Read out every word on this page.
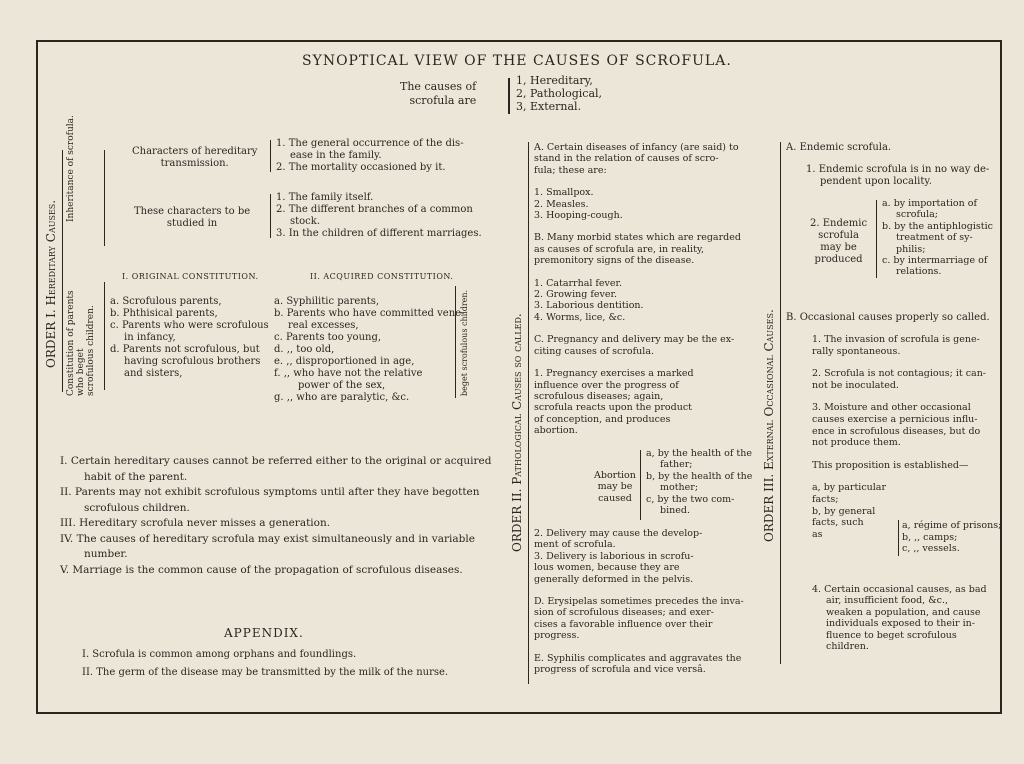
SYNOPTICAL VIEW OF THE CAUSES OF SCROFULA.
The causes of
scrofula are
1, Hereditary,
2, Pathological,
3, External.
ORDER I. Hereditary Causes.
Inheritance of scrofula.
Constitution of parents
who beget
scrofulous children.
Characters of hereditary
transmission.
1. The general occurrence of the dis-
ease in the family.
2. The mortality occasioned by it.
These characters to be
studied in
1. The family itself.
2. The different branches of a common
stock.
3. In the children of different marriages.
I. ORIGINAL CONSTITUTION.	II. ACQUIRED CONSTITUTION.
a. Scrofulous parents,
b. Phthisical parents,
c. Parents who were scrofulous
in infancy,
d. Parents not scrofulous, but
having scrofulous brothers
and sisters,
a. Syphilitic parents,
b. Parents who have committed vene-
real excesses,
c. Parents too young,
d. ,, too old,
e. ,, disproportioned in age,
f. ,, who have not the relative
power of the sex,
g. ,, who are paralytic, &c.
beget scrofulous children.
I. Certain hereditary causes cannot be referred either to the original or acquired
habit of the parent.
II. Parents may not exhibit scrofulous symptoms until after they have begotten
scrofulous children.
III. Hereditary scrofula never misses a generation.
IV. The causes of hereditary scrofula may exist simultaneously and in variable
number.
V. Marriage is the common cause of the propagation of scrofulous diseases.
APPENDIX.
I. Scrofula is common among orphans and foundlings.
II. The germ of the disease may be transmitted by the milk of the nurse.
ORDER II. Pathological Causes so called.
A. Certain diseases of infancy (are said) to
stand in the relation of causes of scro-
fula; these are:
1. Smallpox.
2. Measles.
3. Hooping-cough.
B. Many morbid states which are regarded
as causes of scrofula are, in reality,
premonitory signs of the disease.
1. Catarrhal fever.
2. Growing fever.
3. Laborious dentition.
4. Worms, lice, &c.
C. Pregnancy and delivery may be the ex-
citing causes of scrofula.
1. Pregnancy exercises a marked
influence over the progress of
scrofulous diseases; again,
scrofula reacts upon the product
of conception, and produces
abortion.
Abortion
may be
caused
a, by the health of the
father;
b, by the health of the
mother;
c, by the two com-
bined.
2. Delivery may cause the develop-
ment of scrofula.
3. Delivery is laborious in scrofu-
lous women, because they are
generally deformed in the pelvis.
D. Erysipelas sometimes precedes the inva-
sion of scrofulous diseases; and exer-
cises a favorable influence over their
progress.
E. Syphilis complicates and aggravates the
progress of scrofula and vice versâ.
ORDER III. External Occasional Causes.
A. Endemic scrofula.
1. Endemic scrofula is in no way de-
pendent upon locality.
2. Endemic
scrofula
may be
produced
a. by importation of
scrofula;
b. by the antiphlogistic
treatment of sy-
philis;
c. by intermarriage of
relations.
B. Occasional causes properly so called.
1. The invasion of scrofula is gene-
rally spontaneous.
2. Scrofula is not contagious; it can-
not be inoculated.
3. Moisture and other occasional
causes exercise a pernicious influ-
ence in scrofulous diseases, but do
not produce them.
This proposition is established—
a, by particular
facts;
b, by general
facts, such
as
a, régime of prisons;
b, ,, camps;
c, ,, vessels.
4. Certain occasional causes, as bad
air, insufficient food, &c.,
weaken a population, and cause
individuals exposed to their in-
fluence to beget scrofulous
children.
